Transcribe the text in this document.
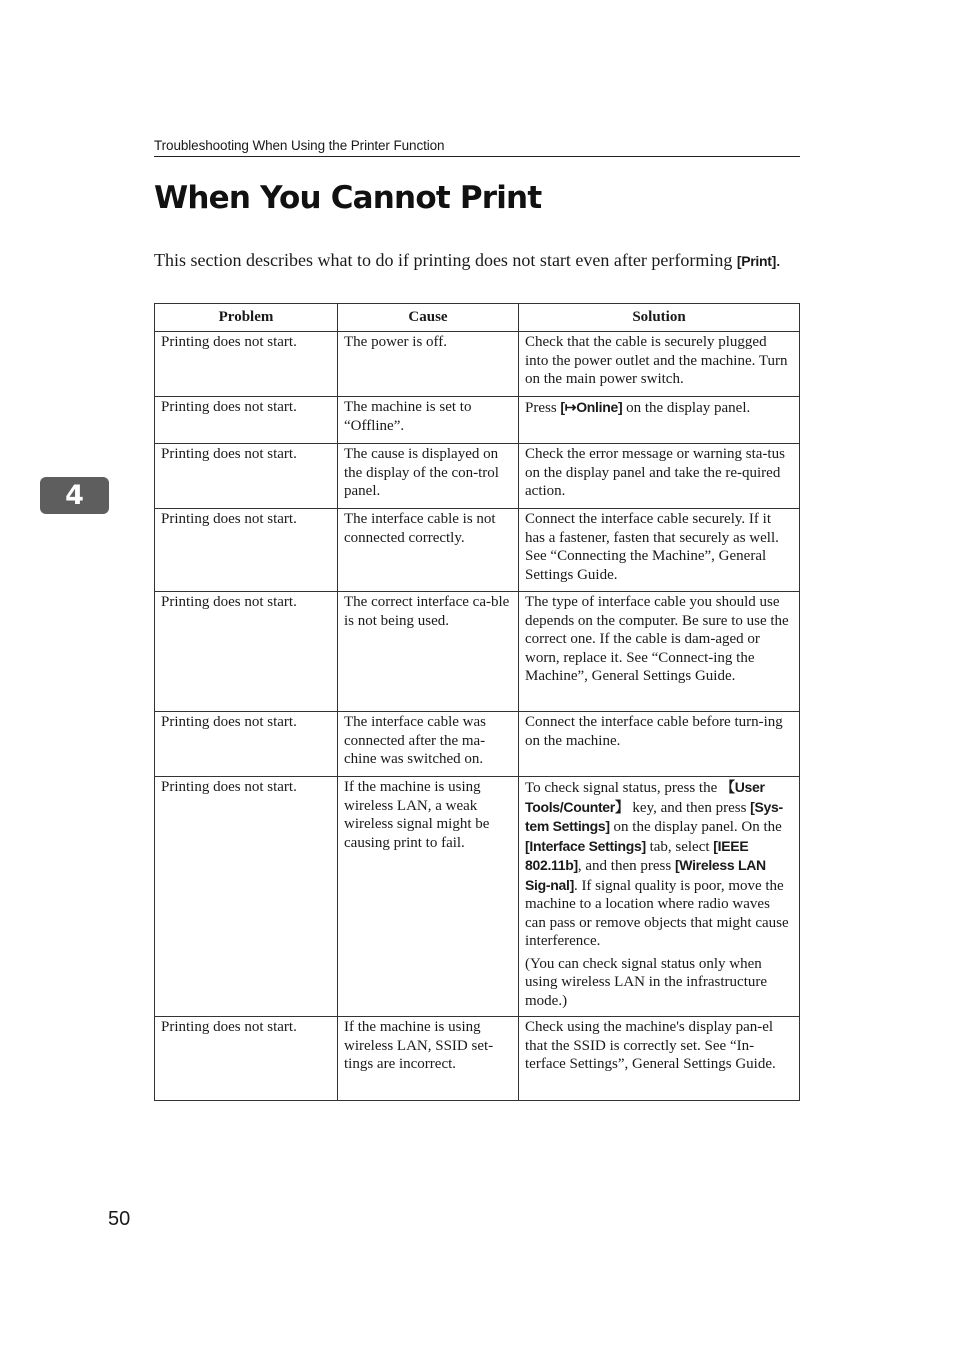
Troubleshooting When Using the Printer Function
When You Cannot Print

This section describes what to do if printing does not start even after performing [Print].

4
Problem	Cause	Solution
Printing does not start.	The power is off.	Check that the cable is securely plugged into the power outlet and the machine. Turn on the main power switch.
Printing does not start.	The machine is set to “Offline”.	Press [↦Online] on the display panel.
Printing does not start.	The cause is displayed on the display of the con-trol panel.	Check the error message or warning sta-tus on the display panel and take the re-quired action.
Printing does not start.	The interface cable is not connected correctly.	Connect the interface cable securely. If it has a fastener, fasten that securely as well. See “Connecting the Machine”, General Settings Guide.
Printing does not start.	The correct interface ca-ble is not being used.	The type of interface cable you should use depends on the computer. Be sure to use the correct one. If the cable is dam-aged or worn, replace it. See “Connect-ing the Machine”, General Settings Guide.
Printing does not start.	The interface cable was connected after the ma-chine was switched on.	Connect the interface cable before turn-ing on the machine.
Printing does not start.	If the machine is using wireless LAN, a weak wireless signal might be causing print to fail.	To check signal status, press the 【User Tools/Counter】 key, and then press [Sys-tem Settings] on the display panel. On the [Interface Settings] tab, select [IEEE 802.11b], and then press [Wireless LAN Sig-nal]. If signal quality is poor, move the machine to a location where radio waves can pass or remove objects that might cause interference.

(You can check signal status only when using wireless LAN in the infrastructure mode.)

Printing does not start.	If the machine is using wireless LAN, SSID set-tings are incorrect.	Check using the machine's display pan-el that the SSID is correctly set. See “In-terface Settings”, General Settings Guide.
50
